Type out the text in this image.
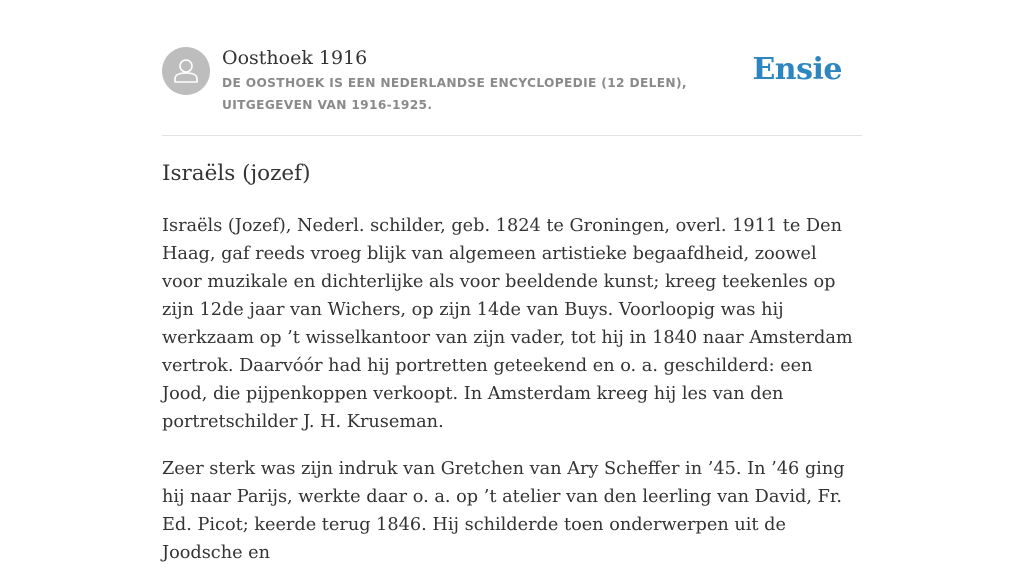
Oosthoek 1916
DE OOSTHOEK IS EEN NEDERLANDSE ENCYCLOPEDIE (12 DELEN), UITGEGEVEN VAN 1916-1925.
Ensie
Israëls (jozef)

Israëls (Jozef), Nederl. schilder, geb. 1824 te Groningen, overl. 1911 te Den Haag, gaf reeds vroeg blijk van algemeen artistieke begaafdheid, zoowel voor muzikale en dichterlijke als voor beeldende kunst; kreeg teekenles op zijn 12de jaar van Wichers, op zijn 14de van Buys. Voorloopig was hij werkzaam op ’t wisselkantoor van zijn vader, tot hij in 1840 naar Amsterdam vertrok. Daarvóór had hij portretten geteekend en o. a. geschilderd: een Jood, die pijpenkoppen verkoopt. In Amsterdam kreeg hij les van den portretschilder J. H. Kruseman.

Zeer sterk was zijn indruk van Gretchen van Ary Scheffer in ’45. In ’46 ging hij naar Parijs, werkte daar o. a. op ’t atelier van den leerling van David, Fr. Ed. Picot; keerde terug 1846. Hij schilderde toen onderwerpen uit de Joodsche en
